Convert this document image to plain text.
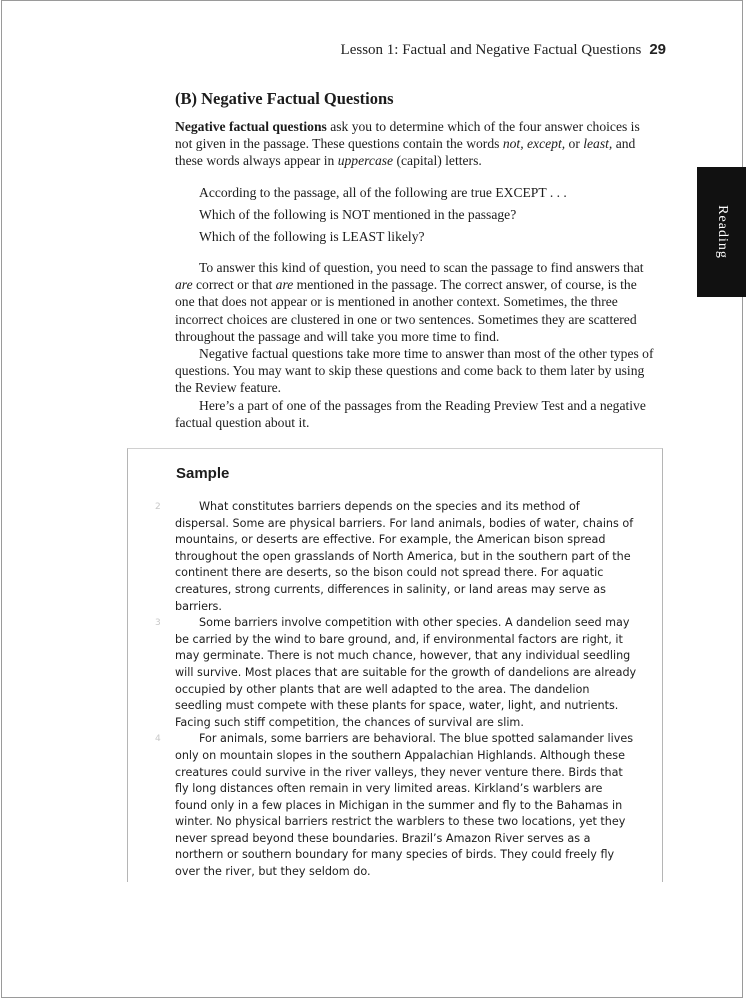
Lesson 1: Factual and Negative Factual Questions 29
Reading
(B) Negative Factual Questions

Negative factual questions ask you to determine which of the four answer choices is not given in the passage. These questions contain the words not, except, or least, and these words always appear in uppercase (capital) letters.

According to the passage, all of the following are true EXCEPT . . .
Which of the following is NOT mentioned in the passage?
Which of the following is LEAST likely?

To answer this kind of question, you need to scan the passage to find answers that are correct or that are mentioned in the passage. The correct answer, of course, is the one that does not appear or is mentioned in another context. Sometimes, the three incorrect choices are clustered in one or two sentences. Sometimes they are scattered throughout the passage and will take you more time to find.

Negative factual questions take more time to answer than most of the other types of questions. You may want to skip these questions and come back to them later by using the Review feature.

Here’s a part of one of the passages from the Reading Preview Test and a negative factual question about it.

Sample

2	What constitutes barriers depends on the species and its method of dispersal. Some are physical barriers. For land animals, bodies of water, chains of mountains, or deserts are effective. For example, the American bison spread throughout the open grasslands of North America, but in the southern part of the continent there are deserts, so the bison could not spread there. For aquatic creatures, strong currents, differences in salinity, or land areas may serve as barriers.

3	Some barriers involve competition with other species. A dandelion seed may be carried by the wind to bare ground, and, if environmental factors are right, it may germinate. There is not much chance, however, that any individual seedling will survive. Most places that are suitable for the growth of dandelions are already occupied by other plants that are well adapted to the area. The dandelion seedling must compete with these plants for space, water, light, and nutrients. Facing such stiff competition, the chances of survival are slim.

4	For animals, some barriers are behavioral. The blue spotted salamander lives only on mountain slopes in the southern Appalachian Highlands. Although these creatures could survive in the river valleys, they never venture there. Birds that fly long distances often remain in very limited areas. Kirkland’s warblers are found only in a few places in Michigan in the summer and fly to the Bahamas in winter. No physical barriers restrict the warblers to these two locations, yet they never spread beyond these boundaries. Brazil’s Amazon River serves as a northern or southern boundary for many species of birds. They could freely fly over the river, but they seldom do.
